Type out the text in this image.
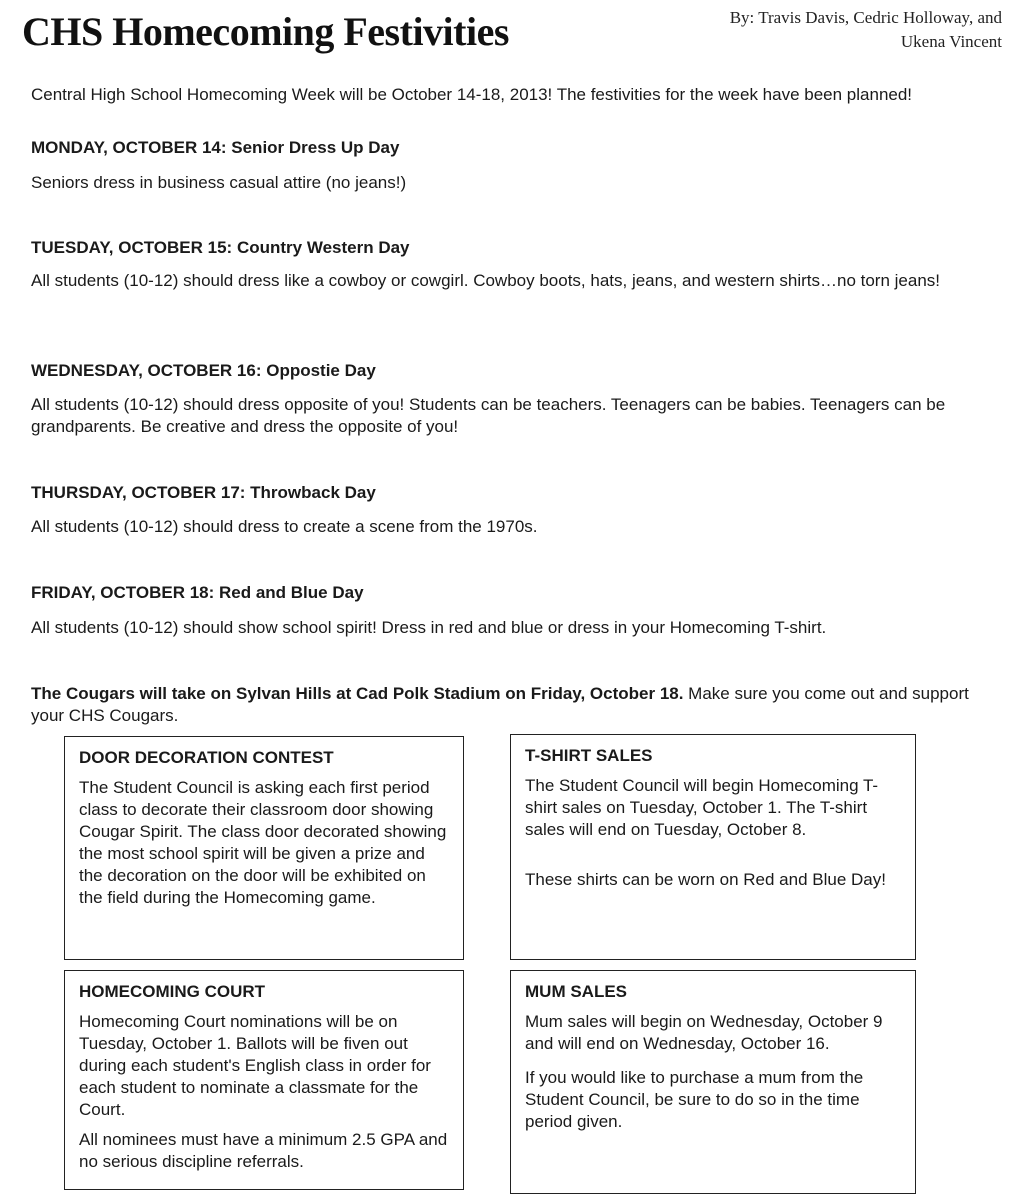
CHS Homecoming Festivities	By: Travis Davis, Cedric Holloway, and
Ukena Vincent
Central High School Homecoming Week will be October 14-18, 2013! The festivities for the week have been planned!
MONDAY, OCTOBER 14: Senior Dress Up Day
Seniors dress in business casual attire (no jeans!)
TUESDAY, OCTOBER 15: Country Western Day
All students (10-12) should dress like a cowboy or cowgirl. Cowboy boots, hats, jeans, and western shirts…no torn jeans!
WEDNESDAY, OCTOBER 16: Oppostie Day
All students (10-12) should dress opposite of you! Students can be teachers. Teenagers can be babies. Teenagers can be grandparents. Be creative and dress the opposite of you!
THURSDAY, OCTOBER 17: Throwback Day
All students (10-12) should dress to create a scene from the 1970s.
FRIDAY, OCTOBER 18: Red and Blue Day
All students (10-12) should show school spirit! Dress in red and blue or dress in your Homecoming T-shirt.
The Cougars will take on Sylvan Hills at Cad Polk Stadium on Friday, October 18. Make sure you come out and support your CHS Cougars.
DOOR DECORATION CONTEST

The Student Council is asking each first period class to decorate their classroom door showing Cougar Spirit. The class door decorated showing the most school spirit will be given a prize and the decoration on the door will be exhibited on the field during the Homecoming game.

T-SHIRT SALES

The Student Council will begin Homecoming T-shirt sales on Tuesday, October 1. The T-shirt sales will end on Tuesday, October 8.

These shirts can be worn on Red and Blue Day!

HOMECOMING COURT

Homecoming Court nominations will be on Tuesday, October 1. Ballots will be fiven out during each student's English class in order for each student to nominate a classmate for the Court.

All nominees must have a minimum 2.5 GPA and no serious discipline referrals.

MUM SALES

Mum sales will begin on Wednesday, October 9 and will end on Wednesday, October 16.

If you would like to purchase a mum from the Student Council, be sure to do so in the time period given.
